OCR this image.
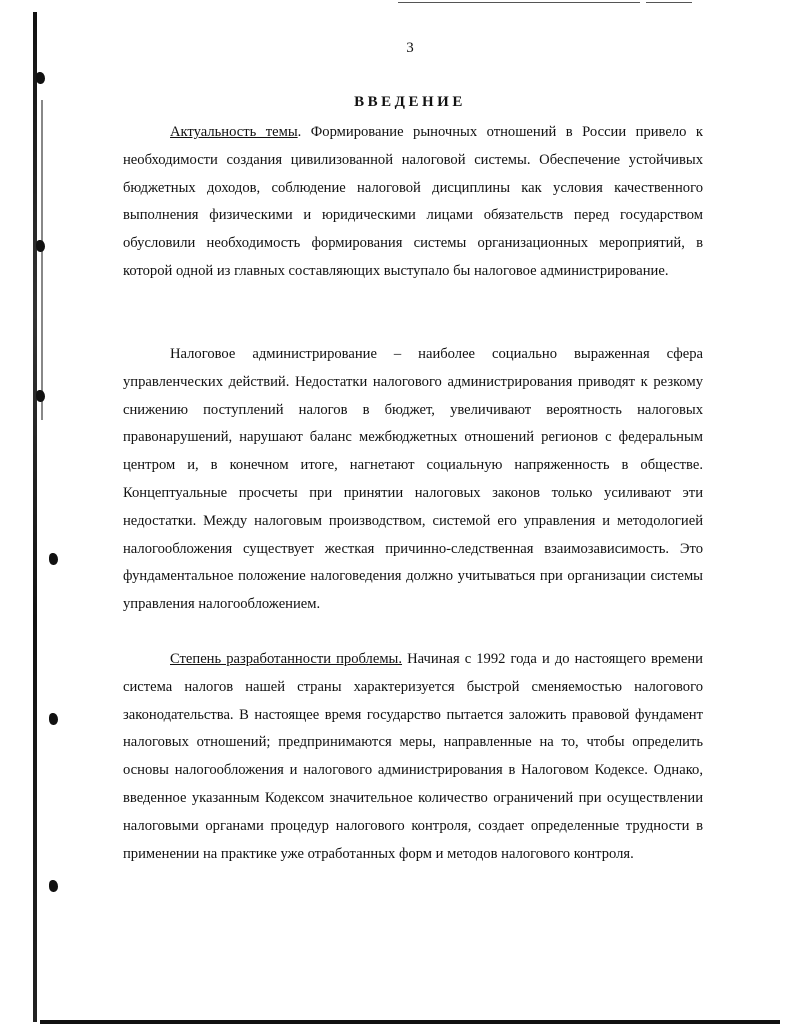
3
ВВЕДЕНИЕ

Актуальность темы. Формирование рыночных отношений в России привело к необходимости создания цивилизованной налоговой системы. Обеспечение устойчивых бюджетных доходов, соблюдение налоговой дисциплины как условия качественного выполнения физическими и юридическими лицами обязательств перед государством обусловили необходимость формирования системы организационных мероприятий, в которой одной из главных составляющих выступало бы налоговое администрирование.

Налоговое администрирование – наиболее социально выраженная сфера управленческих действий. Недостатки налогового администрирования приводят к резкому снижению поступлений налогов в бюджет, увеличивают вероятность налоговых правонарушений, нарушают баланс межбюджетных отношений регионов с федеральным центром и, в конечном итоге, нагнетают социальную напряженность в обществе. Концептуальные просчеты при принятии налоговых законов только усиливают эти недостатки. Между налоговым производством, системой его управления и методологией налогообложения существует жесткая причинно-следственная взаимозависимость. Это фундаментальное положение налоговедения должно учитываться при организации системы управления налогообложением.

Степень разработанности проблемы. Начиная с 1992 года и до настоящего времени система налогов нашей страны характеризуется быстрой сменяемостью налогового законодательства. В настоящее время государство пытается заложить правовой фундамент налоговых отношений; предпринимаются меры, направленные на то, чтобы определить основы налогообложения и налогового администрирования в Налоговом Кодексе. Однако, введенное указанным Кодексом значительное количество ограничений при осуществлении налоговыми органами процедур налогового контроля, создает определенные трудности в применении на практике уже отработанных форм и методов налогового контроля.
